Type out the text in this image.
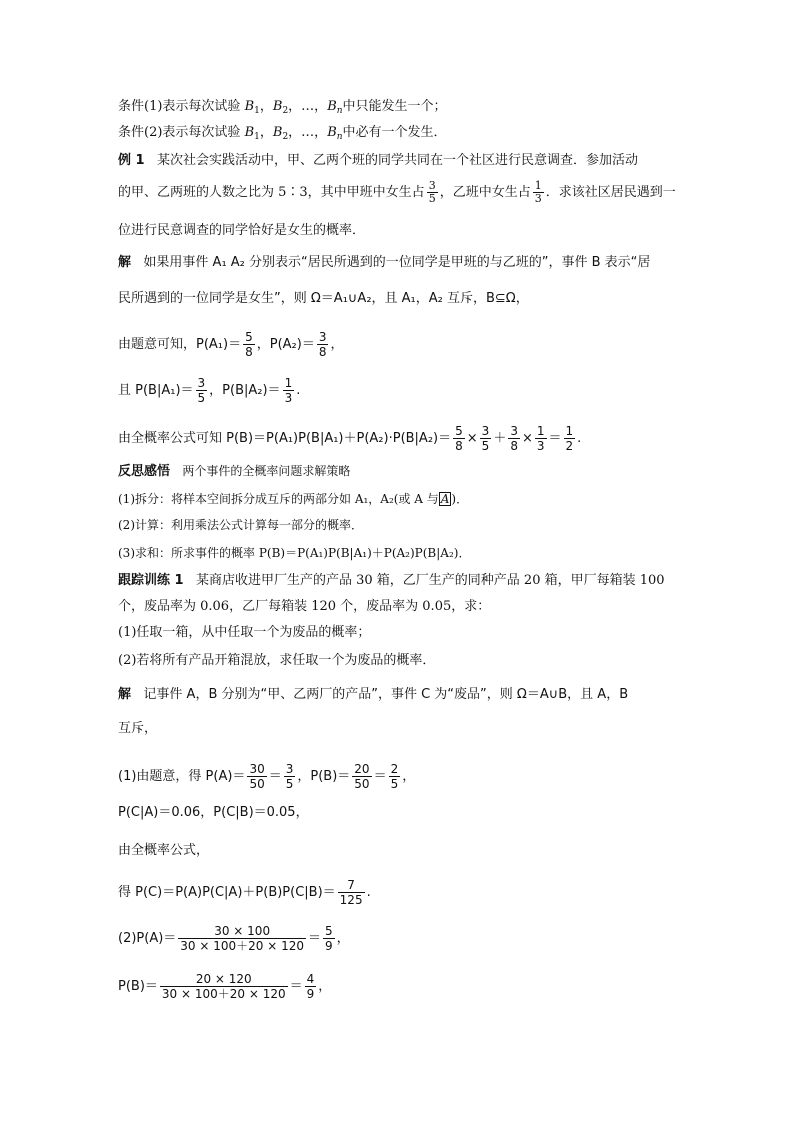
条件(1)表示每次试验 $B_1$，$B_2$，…，$B_n$中只能发生一个；
条件(2)表示每次试验 $B_1$，$B_2$，…，$B_n$中必有一个发生．
例 1 某次社会实践活动中，甲、乙两个班的同学共同在一个社区进行民意调查．参加活动
的甲、乙两班的人数之比为 5∶3，其中甲班中女生占 $\frac{3}{5}$ ，乙班中女生占 $\frac{1}{3}$ ．求该社区居民遇到一
位进行民意调查的同学恰好是女生的概率．
解 如果用事件 A₁ A₂ 分别表示“居民所遇到的一位同学是甲班的与乙班的”，事件 B 表示“居
民所遇到的一位同学是女生”，则 Ω＝A₁∪A₂，且 A₁，A₂ 互斥，B⊆Ω，
由题意可知，$P(A_1)= \frac{5}{8}$ ，$P(A_2)= \frac{3}{8}$ ，
且 $P(B|A_1)= \frac{3}{5}$ ，$P(B|A_2)= \frac{1}{3}$ .
由全概率公式可知 $P(B)=P(A_1)P(B|A_1)+P(A_2)\cdot P(B|A_2)= \frac{5}{8} \times \frac{3}{5} + \frac{3}{8} \times \frac{1}{3} = \frac{1}{2}$ .
反思感悟 两个事件的全概率问题求解策略
(1)拆分：将样本空间拆分成互斥的两部分如 A₁，A₂(或 A 与 A )．
(2)计算：利用乘法公式计算每一部分的概率．
(3)求和：所求事件的概率 P(B)＝P(A₁)P(B|A₁)＋P(A₂)P(B|A₂)．
跟踪训练 1 某商店收进甲厂生产的产品 30 箱，乙厂生产的同种产品 20 箱，甲厂每箱装 100
个，废品率为 0.06，乙厂每箱装 120 个，废品率为 0.05，求：
(1)任取一箱，从中任取一个为废品的概率；
(2)若将所有产品开箱混放，求任取一个为废品的概率．
解 记事件 A，B 分别为“甲、乙两厂的产品”，事件 C 为“废品”，则 Ω＝A∪B，且 A，B
互斥，
(1)由题意，得 $P(A)= \frac{30}{50} = \frac{3}{5}$ ，$P(B)= \frac{20}{50} = \frac{2}{5}$ ，
P(C|A)＝0.06，P(C|B)＝0.05，
由全概率公式，
得 $P(C)=P(A)P(C|A)+P(B)P(C|B)= \frac{7}{125}$ .
$(2)P(A)= \frac{30 \times 100}{30 \times 100+20 \times 120} = \frac{5}{9}$ ，
$P(B)= \frac{20 \times 120}{30 \times 100+20 \times 120} = \frac{4}{9}$ ，
